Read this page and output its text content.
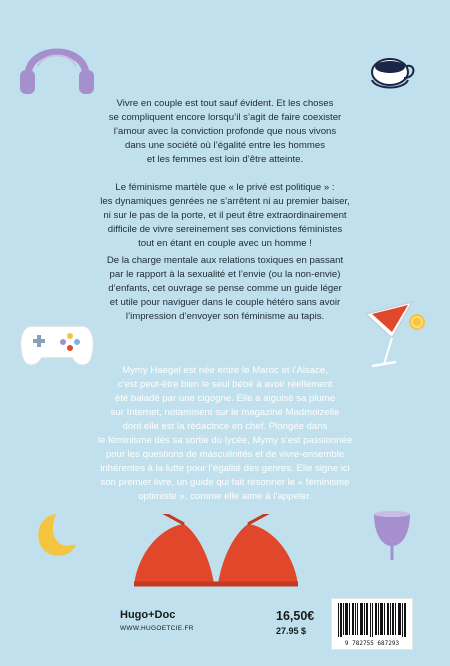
Vivre en couple est tout sauf évident. Et les choses
se compliquent encore lorsqu’il s’agit de faire coexister
l’amour avec la conviction profonde que nous vivons
dans une société où l’égalité entre les hommes
et les femmes est loin d’être atteinte.
Le féminisme martèle que « le privé est politique » :
les dynamiques genrées ne s’arrêtent ni au premier baiser,
ni sur le pas de la porte, et il peut être extraordinairement
difficile de vivre sereinement ses convictions féministes
tout en étant en couple avec un homme !
De la charge mentale aux relations toxiques en passant
par le rapport à la sexualité et l’envie (ou la non-envie)
d’enfants, cet ouvrage se pense comme un guide léger
et utile pour naviguer dans le couple hétéro sans avoir
l’impression d’envoyer son féminisme au tapis.
Mymy Haegel est née entre le Maroc et l’Alsace,
c’est peut-être bien le seul bébé à avoir réellement
été baladé par une cigogne. Elle a aiguisé sa plume
sur Internet, notamment sur le magazine Madmoizelle
dont elle est la rédactrice en chef. Plongée dans
le féminisme dès sa sortie du lycée, Mymy s’est passionnée
pour les questions de masculinités et de vivre-ensemble
inhérentes à la lutte pour l’égalité des genres. Elle signe ici
son premier livre, un guide qui fait résonner le « féminisme
optimiste », comme elle aime à l’appeler.
Hugo+Doc
WWW.HUGOETCIE.FR
16,50€
27.95 $
9 782755 687293
